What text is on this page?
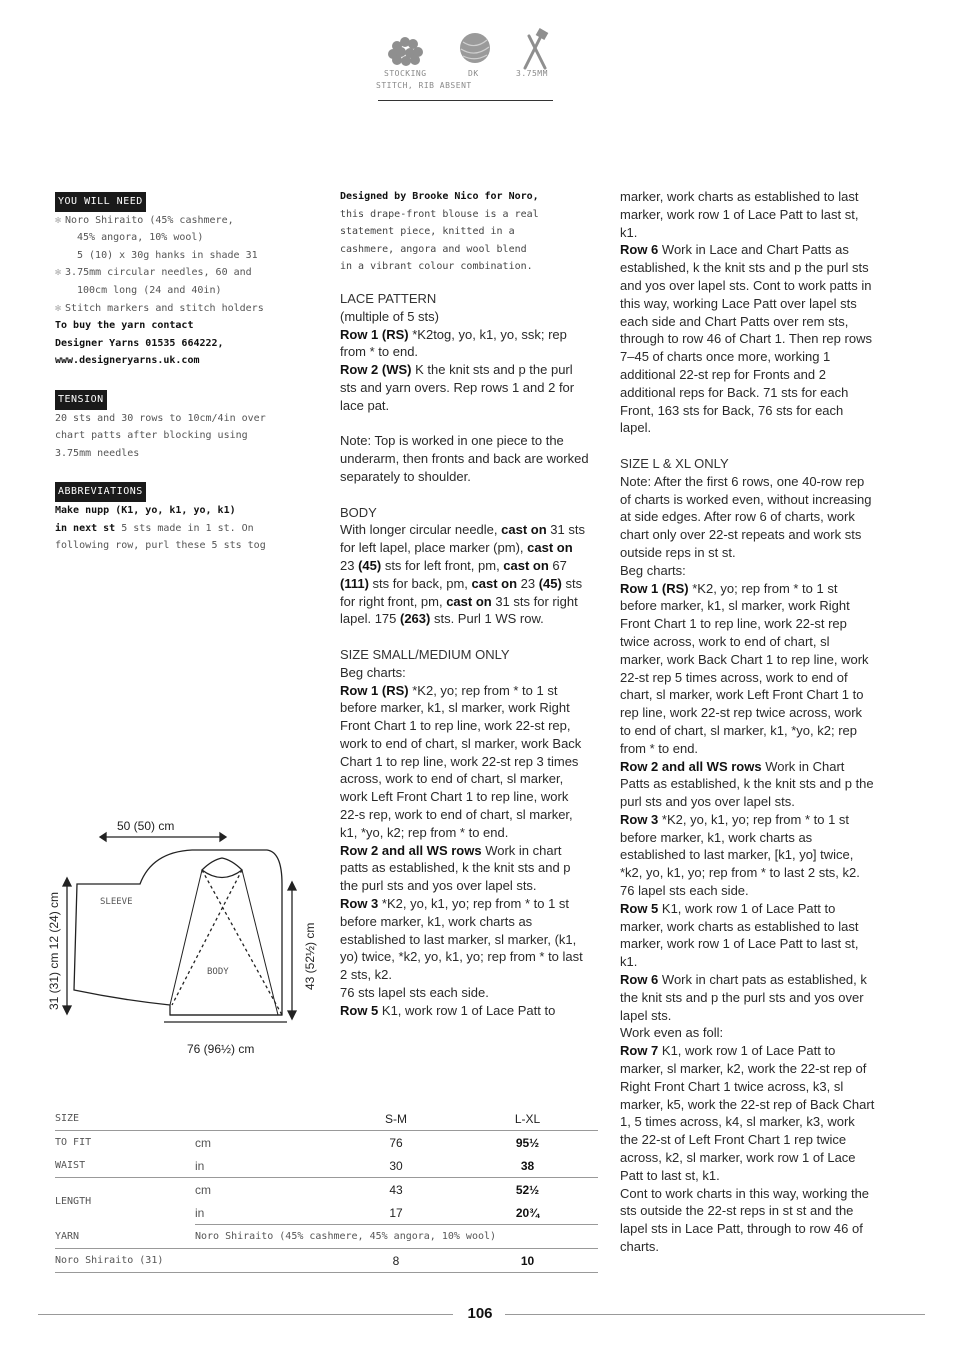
STOCKING	DK	3.75MM
STITCH, RIB ABSENT
YOU WILL NEED
✻ Noro Shiraito (45% cashmere,
45% angora, 10% wool)
5 (10) x 30g hanks in shade 31
✻ 3.75mm circular needles, 60 and
100cm long (24 and 40in)
✻ Stitch markers and stitch holders
To buy the yarn contact
Designer Yarns 01535 664222,
www.designeryarns.uk.com
TENSION
20 sts and 30 rows to 10cm/4in over
chart patts after blocking using
3.75mm needles
ABBREVIATIONS
Make nupp (K1, yo, k1, yo, k1)
in next st 5 sts made in 1 st. On
following row, purl these 5 sts tog
Designed by Brooke Nico for Noro,
this drape-front blouse is a real
statement piece, knitted in a
cashmere, angora and wool blend
in a vibrant colour combination.
LACE PATTERN
(multiple of 5 sts)
Row 1 (RS) *K2tog, yo, k1, yo, ssk; rep from * to end.
Row 2 (WS) K the knit sts and p the purl sts and yarn overs. Rep rows 1 and 2 for lace pat.
Note: Top is worked in one piece to the underarm, then fronts and back are worked separately to shoulder.
BODY
With longer circular needle, cast on 31 sts for left lapel, place marker (pm), cast on 23 (45) sts for left front, pm, cast on 67 (111) sts for back, pm, cast on 23 (45) sts for right front, pm, cast on 31 sts for right lapel. 175 (263) sts. Purl 1 WS row.
SIZE SMALL/MEDIUM ONLY
Beg charts:
Row 1 (RS) *K2, yo; rep from * to 1 st before marker, k1, sl marker, work Right Front Chart 1 to rep line, work 22-st rep, work to end of chart, sl marker, work Back Chart 1 to rep line, work 22-st rep 3 times across, work to end of chart, sl marker, work Left Front Chart 1 to rep line, work 22-s rep, work to end of chart, sl marker, k1, *yo, k2; rep from * to end.
Row 2 and all WS rows Work in chart patts as established, k the knit sts and p the purl sts and yos over lapel sts.
Row 3 *K2, yo, k1, yo; rep from * to 1 st before marker, k1, work charts as established to last marker, sl marker, (k1, yo) twice, *k2, yo, k1, yo; rep from * to last 2 sts, k2.
76 sts lapel sts each side.
Row 5 K1, work row 1 of Lace Patt to
marker, work charts as established to last marker, work row 1 of Lace Patt to last st, k1.
Row 6 Work in Lace and Chart Patts as established, k the knit sts and p the purl sts and yos over lapel sts. Cont to work patts in this way, working Lace Patt over lapel sts each side and Chart Patts over rem sts, through to row 46 of Chart 1. Then rep rows 7–45 of charts once more, working 1 additional 22-st rep for Fronts and 2 additional reps for Back. 71 sts for each Front, 163 sts for Back, 76 sts for each lapel.
SIZE L & XL ONLY
Note: After the first 6 rows, one 40-row rep of charts is worked even, without increasing at side edges. After row 6 of charts, work chart only over 22-st repeats and work sts outside reps in st st.
Beg charts:
Row 1 (RS) *K2, yo; rep from * to 1 st before marker, k1, sl marker, work Right Front Chart 1 to rep line, work 22-st rep twice across, work to end of chart, sl marker, work Back Chart 1 to rep line, work 22-st rep 5 times across, work to end of chart, sl marker, work Left Front Chart 1 to rep line, work 22-st rep twice across, work to end of chart, sl marker, k1, *yo, k2; rep from * to end.
Row 2 and all WS rows Work in Chart Patts as established, k the knit sts and p the purl sts and yos over lapel sts.
Row 3 *K2, yo, k1, yo; rep from * to 1 st before marker, k1, work charts as established to last marker, [k1, yo] twice, *k2, yo, k1, yo; rep from * to last 2 sts, k2. 76 lapel sts each side.
Row 5 K1, work row 1 of Lace Patt to marker, work charts as established to last marker, work row 1 of Lace Patt to last st, k1.
Row 6 Work in chart pats as established, k the knit sts and p the purl sts and yos over lapel sts.
Work even as foll:
Row 7 K1, work row 1 of Lace Patt to marker, sl marker, k2, work the 22-st rep of Right Front Chart 1 twice across, k3, sl marker, k5, work the 22-st rep of Back Chart 1, 5 times across, k4, sl marker, k3, work the 22-st of Left Front Chart 1 rep twice across, k2, sl marker, work row 1 of Lace Patt to last st, k1.
Cont to work charts in this way, working the sts outside the 22-st reps in st st and the lapel sts in Lace Patt, through to row 46 of charts.
50 (50) cm
SLEEVE
BODY
31 (31) cm 12 (24) cm	43 (52½) cm
76 (96½) cm
SIZE		S-M	L-XL
TO FIT	cm	76	95½
WAIST	in	30	38
LENGTH	cm	43	52½
	in	17	20¾
YARN	Noro Shiraito (45% cashmere, 45% angora, 10% wool)		
Noro Shiraito (31)		8	10
106
